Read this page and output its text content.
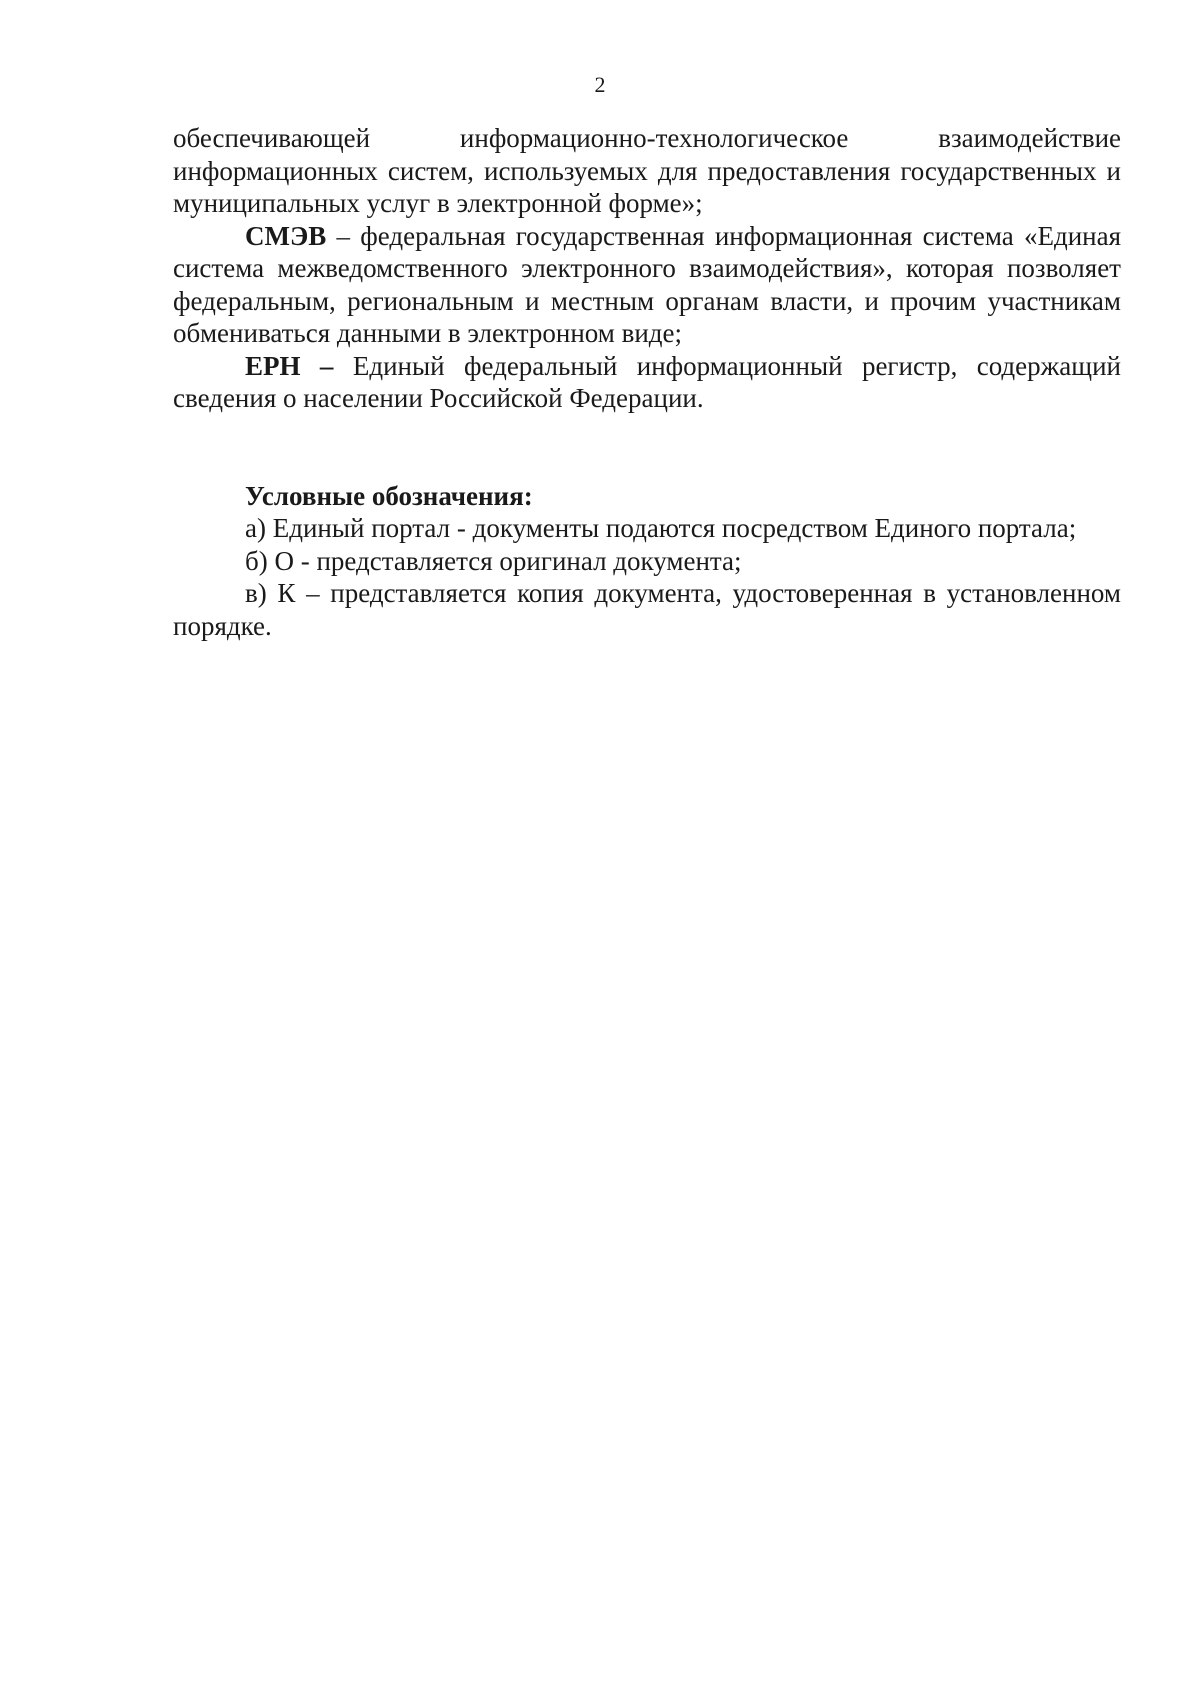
2

обеспечивающей информационно-технологическое взаимодействие информационных систем, используемых для предоставления государственных и муниципальных услуг в электронной форме»;

СМЭВ – федеральная государственная информационная система «Единая система межведомственного электронного взаимодействия», которая позволяет федеральным, региональным и местным органам власти, и прочим участникам обмениваться данными в электронном виде;

ЕРН – Единый федеральный информационный регистр, содержащий сведения о населении Российской Федерации.

Условные обозначения:

а) Единый портал - документы подаются посредством Единого портала;

б) О - представляется оригинал документа;

в) К – представляется копия документа, удостоверенная в установленном порядке.
